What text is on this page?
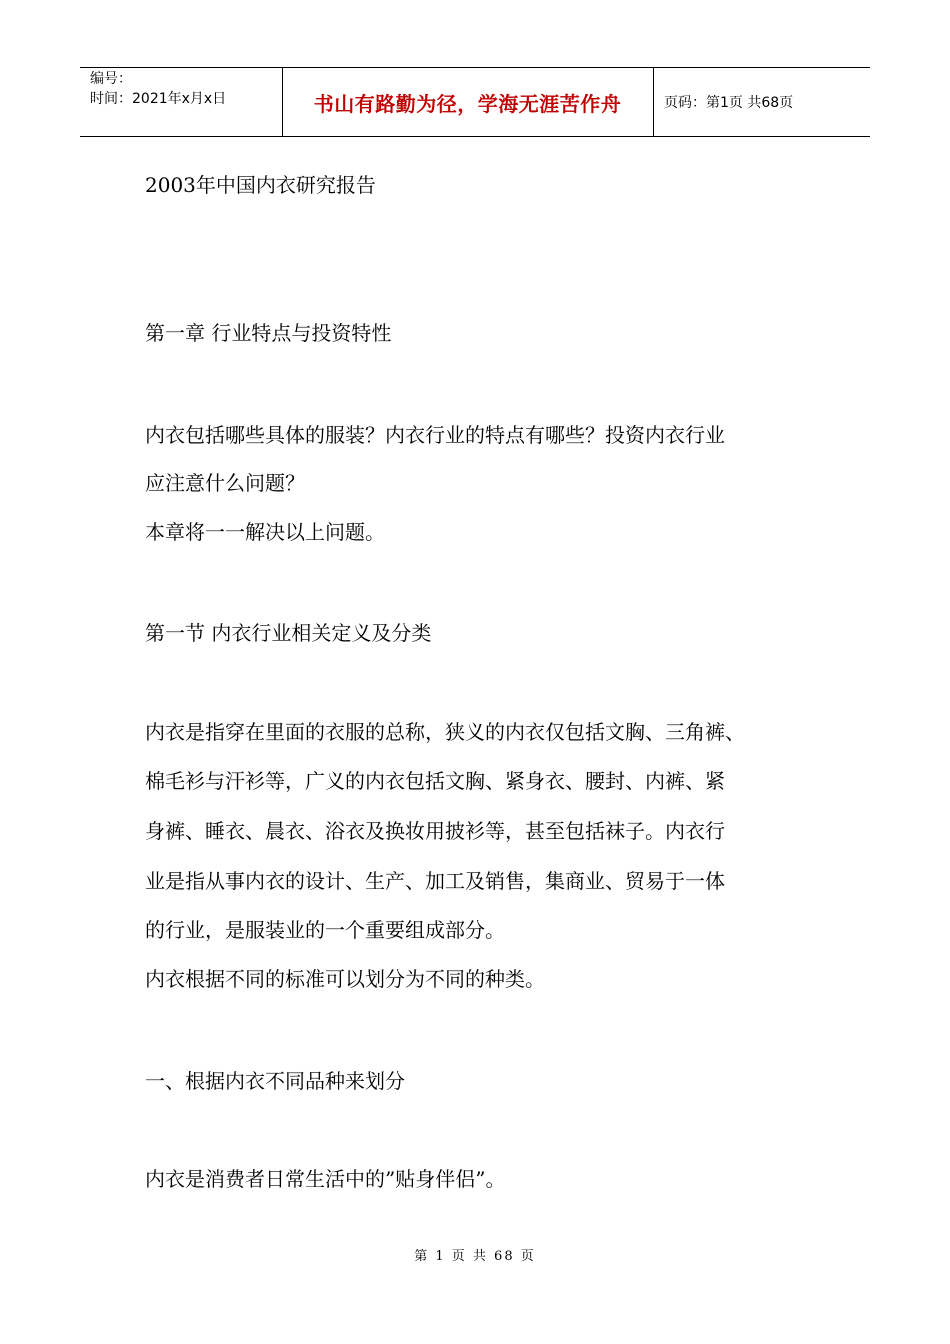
编号：
时间：2021年x月x日	书山有路勤为径，学海无涯苦作舟	页码：第1页 共68页
2003年中国内衣研究报告
第一章 行业特点与投资特性
内衣包括哪些具体的服装？内衣行业的特点有哪些？投资内衣行业
应注意什么问题？
本章将一一解决以上问题。
第一节 内衣行业相关定义及分类
内衣是指穿在里面的衣服的总称，狭义的内衣仅包括文胸、三角裤、
棉毛衫与汗衫等，广义的内衣包括文胸、紧身衣、腰封、内裤、紧
身裤、睡衣、晨衣、浴衣及换妆用披衫等，甚至包括袜子。内衣行
业是指从事内衣的设计、生产、加工及销售，集商业、贸易于一体
的行业，是服装业的一个重要组成部分。
内衣根据不同的标准可以划分为不同的种类。
一、根据内衣不同品种来划分
内衣是消费者日常生活中的”贴身伴侣”。
第 1 页 共 68 页
